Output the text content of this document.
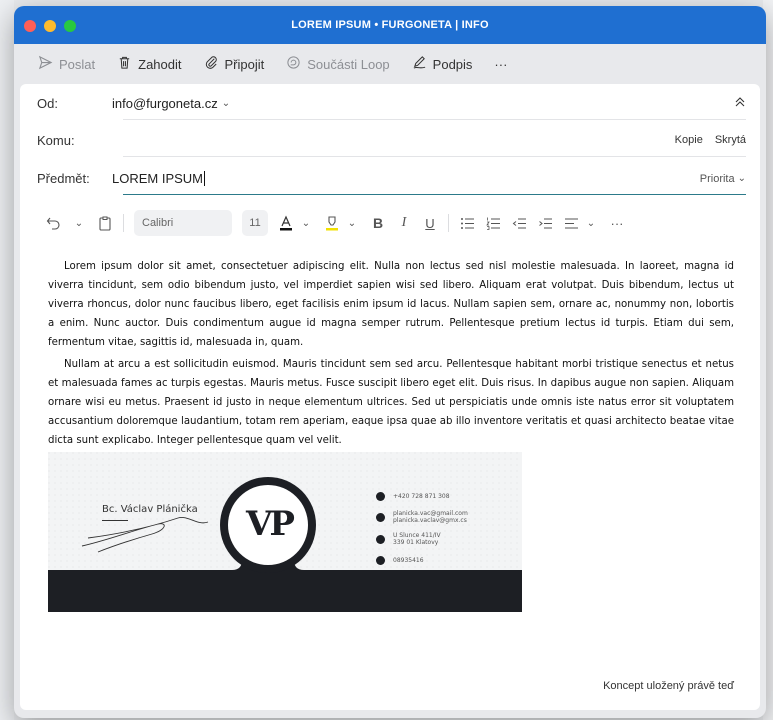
LOREM IPSUM • FURGONETA | INFO
Poslat	Zahodit	Připojit	Součásti Loop	Podpis ···
Od:	info@furgoneta.cz ⌄
Komu:	Kopie Skrytá
Předmět:	LOREM IPSUM	Priorita ⌄
⌄	Calibri	11	⌄	⌄ B	I	U	⌄ ···

Lorem ipsum dolor sit amet, consectetuer adipiscing elit. Nulla non lectus sed nisl molestie malesuada. In laoreet, magna id viverra tincidunt, sem odio bibendum justo, vel imperdiet sapien wisi sed libero. Aliquam erat volutpat. Duis bibendum, lectus ut viverra rhoncus, dolor nunc faucibus libero, eget facilisis enim ipsum id lacus. Nullam sapien sem, ornare ac, nonummy non, lobortis a enim. Nunc auctor. Duis condimentum augue id magna semper rutrum. Pellentesque pretium lectus id turpis. Etiam dui sem, fermentum vitae, sagittis id, malesuada in, quam.

Nullam at arcu a est sollicitudin euismod. Mauris tincidunt sem sed arcu. Pellentesque habitant morbi tristique senectus et netus et malesuada fames ac turpis egestas. Mauris metus. Fusce suscipit libero eget elit. Duis risus. In dapibus augue non sapien. Aliquam ornare wisi eu metus. Praesent id justo in neque elementum ultrices. Sed ut perspiciatis unde omnis iste natus error sit voluptatem accusantium doloremque laudantium, totam rem aperiam, eaque ipsa quae ab illo inventore veritatis et quasi architecto beatae vitae dicta sunt explicabo. Integer pellentesque quam vel velit.

VP
Bc. Václav Plánička
+420 728 871 308
planicka.vac@gmail.com
planicka.vaclav@gmx.cs
U Slunce 411/IV
339 01 Klatovy
08935416
Koncept uložený právě teď
